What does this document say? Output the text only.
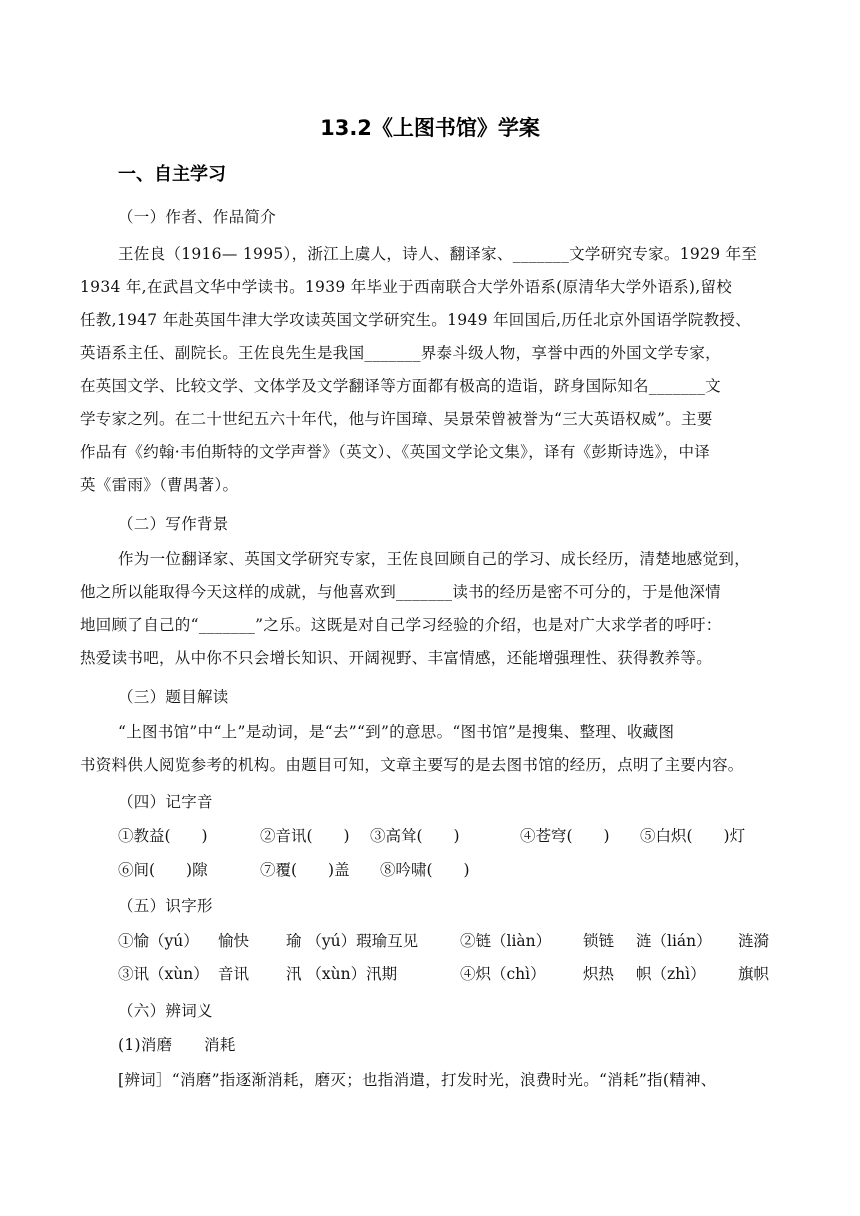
13.2《上图书馆》学案
一、自主学习
（一）作者、作品简介
王佐良（1916— 1995），浙江上虞人，诗人、翻译家、_______文学研究专家。1929 年至
1934 年,在武昌文华中学读书。1939 年毕业于西南联合大学外语系(原清华大学外语系),留校
任教,1947 年赴英国牛津大学攻读英国文学研究生。1949 年回国后,历任北京外国语学院教授、
英语系主任、副院长。王佐良先生是我国_______界泰斗级人物，享誉中西的外国文学专家，
在英国文学、比较文学、文体学及文学翻译等方面都有极高的造诣，跻身国际知名_______文
学专家之列。在二十世纪五六十年代，他与许国璋、吴景荣曾被誉为“三大英语权威”。主要
作品有《约翰·韦伯斯特的文学声誉》（英文）、《英国文学论文集》，译有《彭斯诗选》，中译
英《雷雨》（曹禺著）。
（二）写作背景
作为一位翻译家、英国文学研究专家，王佐良回顾自己的学习、成长经历，清楚地感觉到，
他之所以能取得今天这样的成就，与他喜欢到_______读书的经历是密不可分的，于是他深情
地回顾了自己的“_______”之乐。这既是对自己学习经验的介绍，也是对广大求学者的呼吁：
热爱读书吧，从中你不只会增长知识、开阔视野、丰富情感，还能增强理性、获得教养等。
（三）题目解读
“上图书馆”中“上”是动词，是“去”“到”的意思。“图书馆”是搜集、整理、收藏图
书资料供人阅览参考的机构。由题目可知，文章主要写的是去图书馆的经历，点明了主要内容。
（四）记字音
①教益(　　)	②音讯(　　) ③高耸(　　)	④苍穹(　　) ⑤白炽(　　)灯
⑥间(　　)隙	⑦覆(　　)盖 ⑧吟啸(　　)
（五）识字形
①愉（yú） 愉快 瑜 （yú）瑕瑜互见	②链（liàn） 锁链 涟（lián） 涟漪
③讯（xùn） 音讯 汛 （xùn）汛期	④炽（chì） 炽热 帜（zhì） 旗帜
（六）辨词义
(1)消磨　　消耗
[辨词］“消磨”指逐渐消耗，磨灭；也指消遣，打发时光，浪费时光。“消耗”指(精神、
